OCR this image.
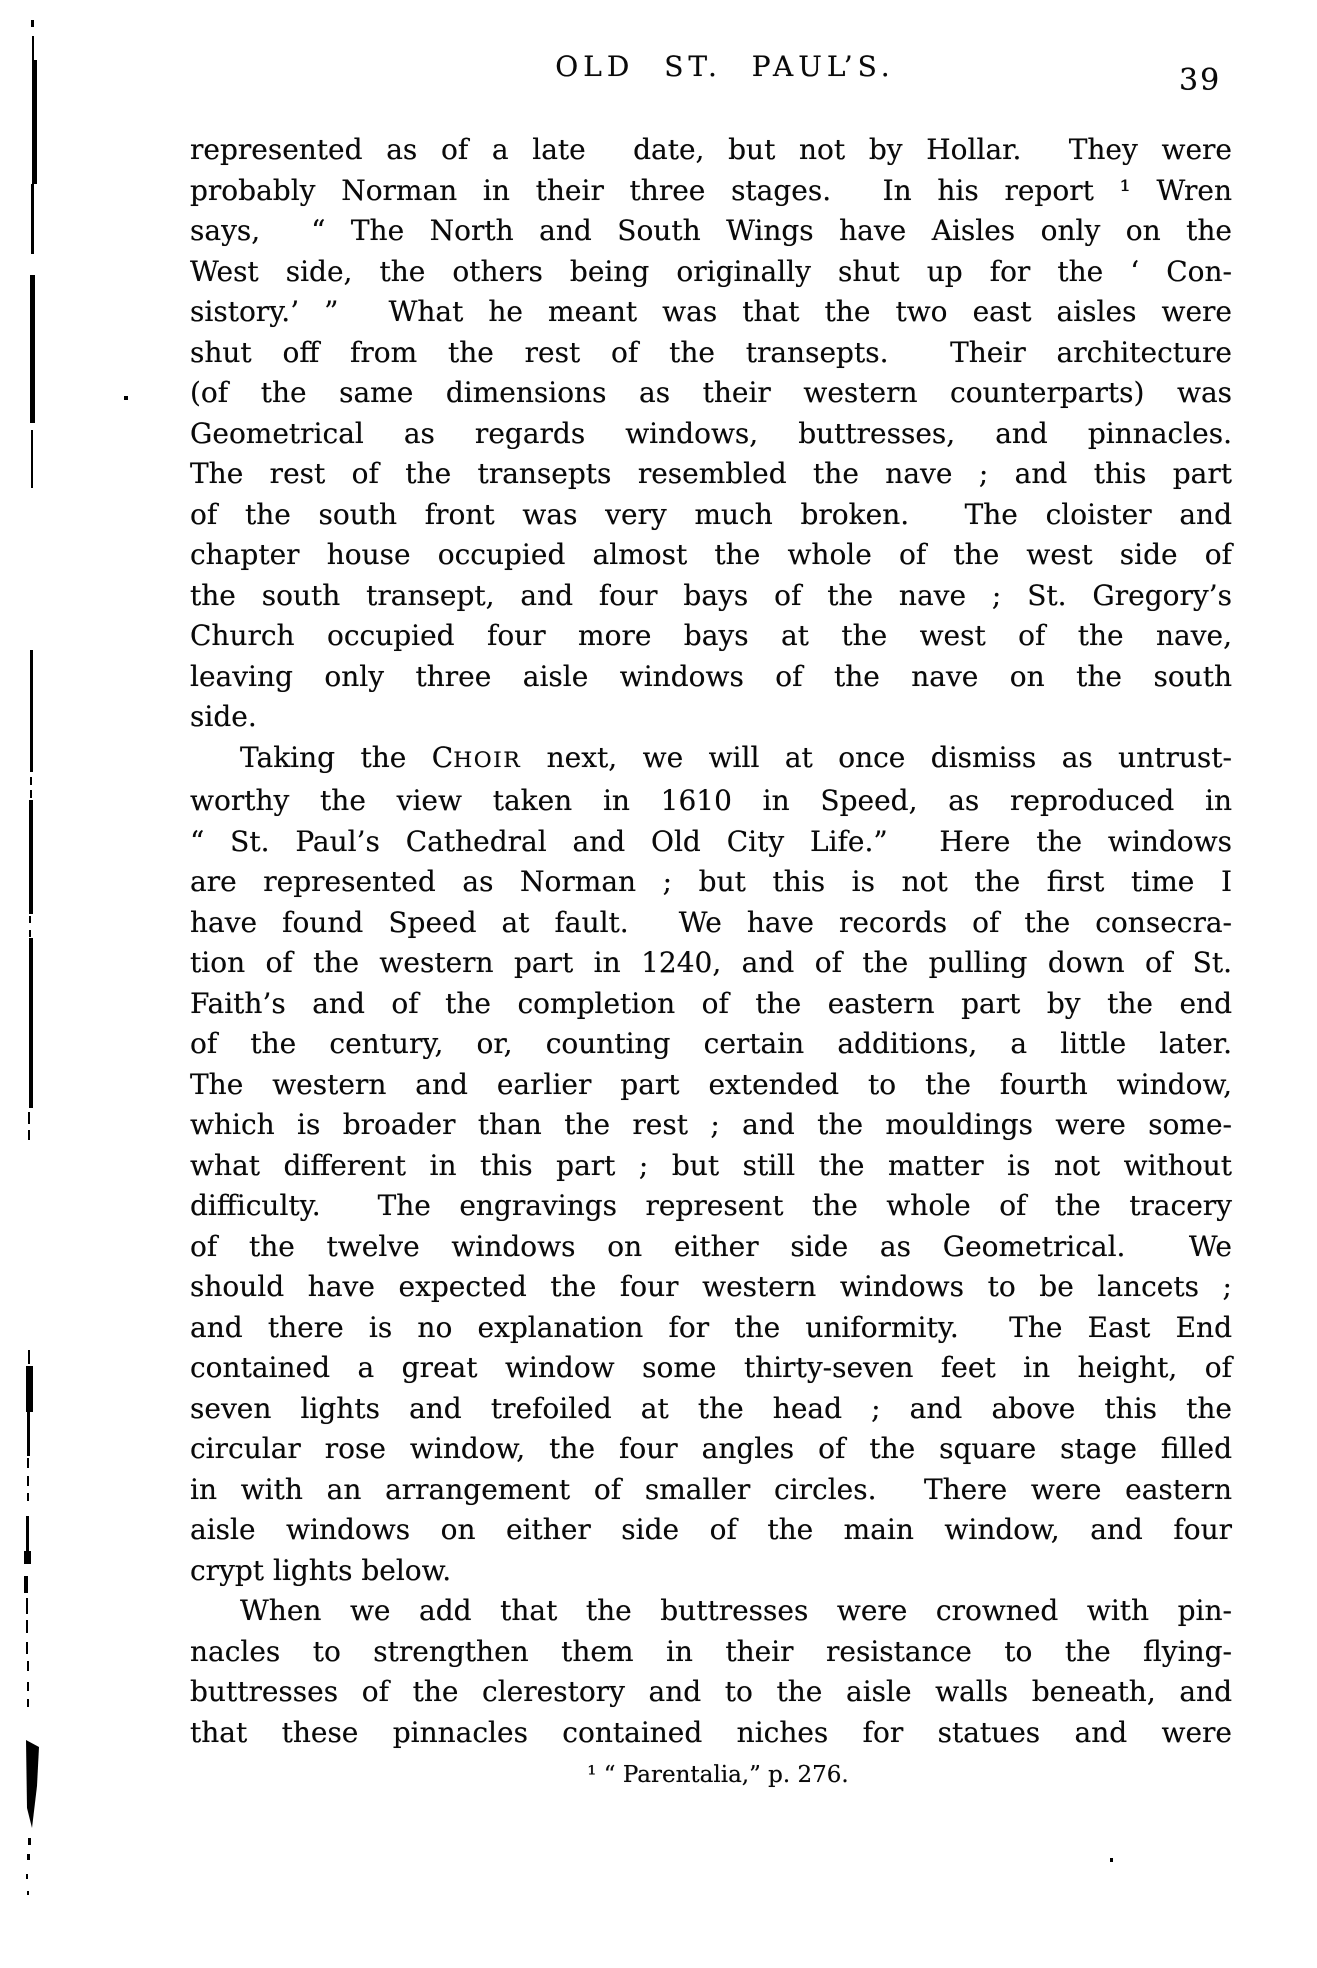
OLD ST. PAUL’S.	39
represented as of a late  date, but not by Hollar.  They were
probably Norman in their three stages.  In his report ¹ Wren
says,  “ The North and South Wings have Aisles only on the
West side, the others being originally shut up for the ‘ Con-
sistory.’ ”  What he meant was that the two east aisles were
shut off from the rest of the transepts.  Their architecture
(of the same dimensions as their western counterparts) was
Geometrical as regards windows, buttresses, and pinnacles.
The rest of the transepts resembled the nave ; and this part
of the south front was very much broken.  The cloister and
chapter house occupied almost the whole of the west side of
the south transept, and four bays of the nave ; St. Gregory’s
Church occupied four more bays at the west of the nave,
leaving only three aisle windows of the nave on the south
side.
Taking the CHOIR next, we will at once dismiss as untrust-
worthy the view taken in 1610 in Speed, as reproduced in
“ St. Paul’s Cathedral and Old City Life.”  Here the windows
are represented as Norman ; but this is not the first time I
have found Speed at fault.  We have records of the consecra-
tion of the western part in 1240, and of the pulling down of St.
Faith’s and of the completion of the eastern part by the end
of the century, or, counting certain additions, a little later.
The western and earlier part extended to the fourth window,
which is broader than the rest ; and the mouldings were some-
what different in this part ; but still the matter is not without
difficulty.  The engravings represent the whole of the tracery
of the twelve windows on either side as Geometrical.  We
should have expected the four western windows to be lancets ;
and there is no explanation for the uniformity.  The East End
contained a great window some thirty-seven feet in height, of
seven lights and trefoiled at the head ; and above this the
circular rose window, the four angles of the square stage filled
in with an arrangement of smaller circles.  There were eastern
aisle windows on either side of the main window, and four
crypt lights below.
When we add that the buttresses were crowned with pin-
nacles to strengthen them in their resistance to the flying-
buttresses of the clerestory and to the aisle walls beneath, and
that these pinnacles contained niches for statues and were
¹ “ Parentalia,” p. 276.
